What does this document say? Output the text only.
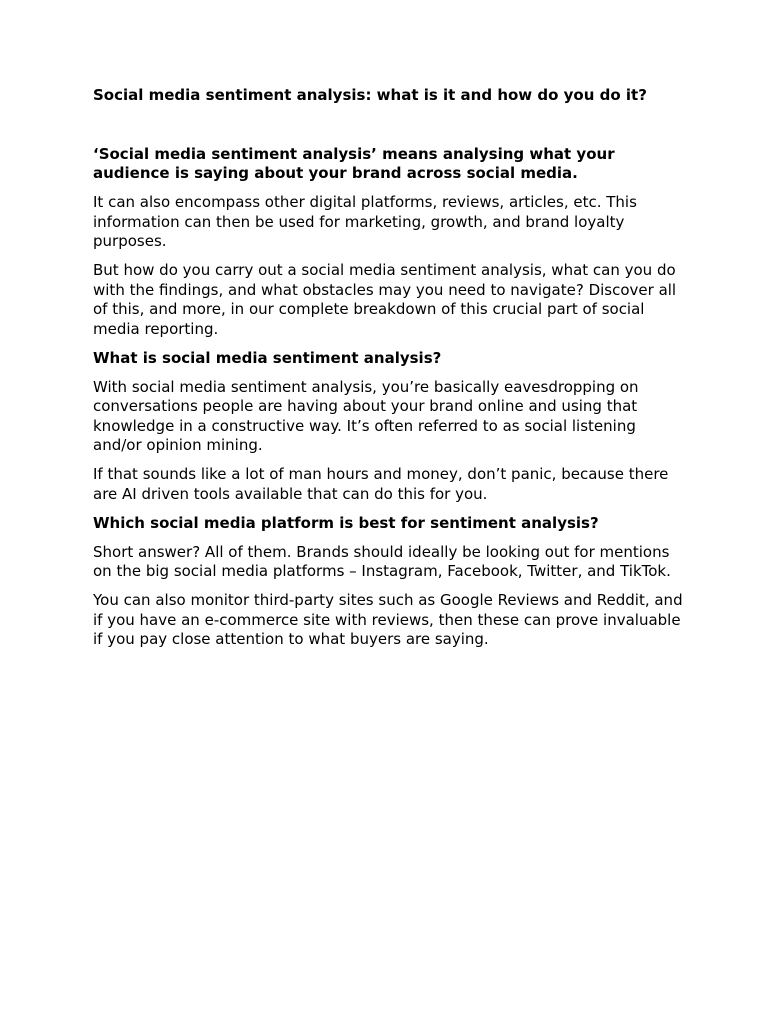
Social media sentiment analysis: what is it and how do you do it?
‘Social media sentiment analysis’ means analysing what your audience is saying about your brand across social media.
It can also encompass other digital platforms, reviews, articles, etc. This information can then be used for marketing, growth, and brand loyalty purposes.
But how do you carry out a social media sentiment analysis, what can you do with the findings, and what obstacles may you need to navigate? Discover all of this, and more, in our complete breakdown of this crucial part of social media reporting.
What is social media sentiment analysis?
With social media sentiment analysis, you’re basically eavesdropping on conversations people are having about your brand online and using that knowledge in a constructive way. It’s often referred to as social listening and/or opinion mining.
If that sounds like a lot of man hours and money, don’t panic, because there are AI driven tools available that can do this for you.
Which social media platform is best for sentiment analysis?
Short answer? All of them. Brands should ideally be looking out for mentions on the big social media platforms – Instagram, Facebook, Twitter, and TikTok.
You can also monitor third-party sites such as Google Reviews and Reddit, and if you have an e-commerce site with reviews, then these can prove invaluable if you pay close attention to what buyers are saying.
